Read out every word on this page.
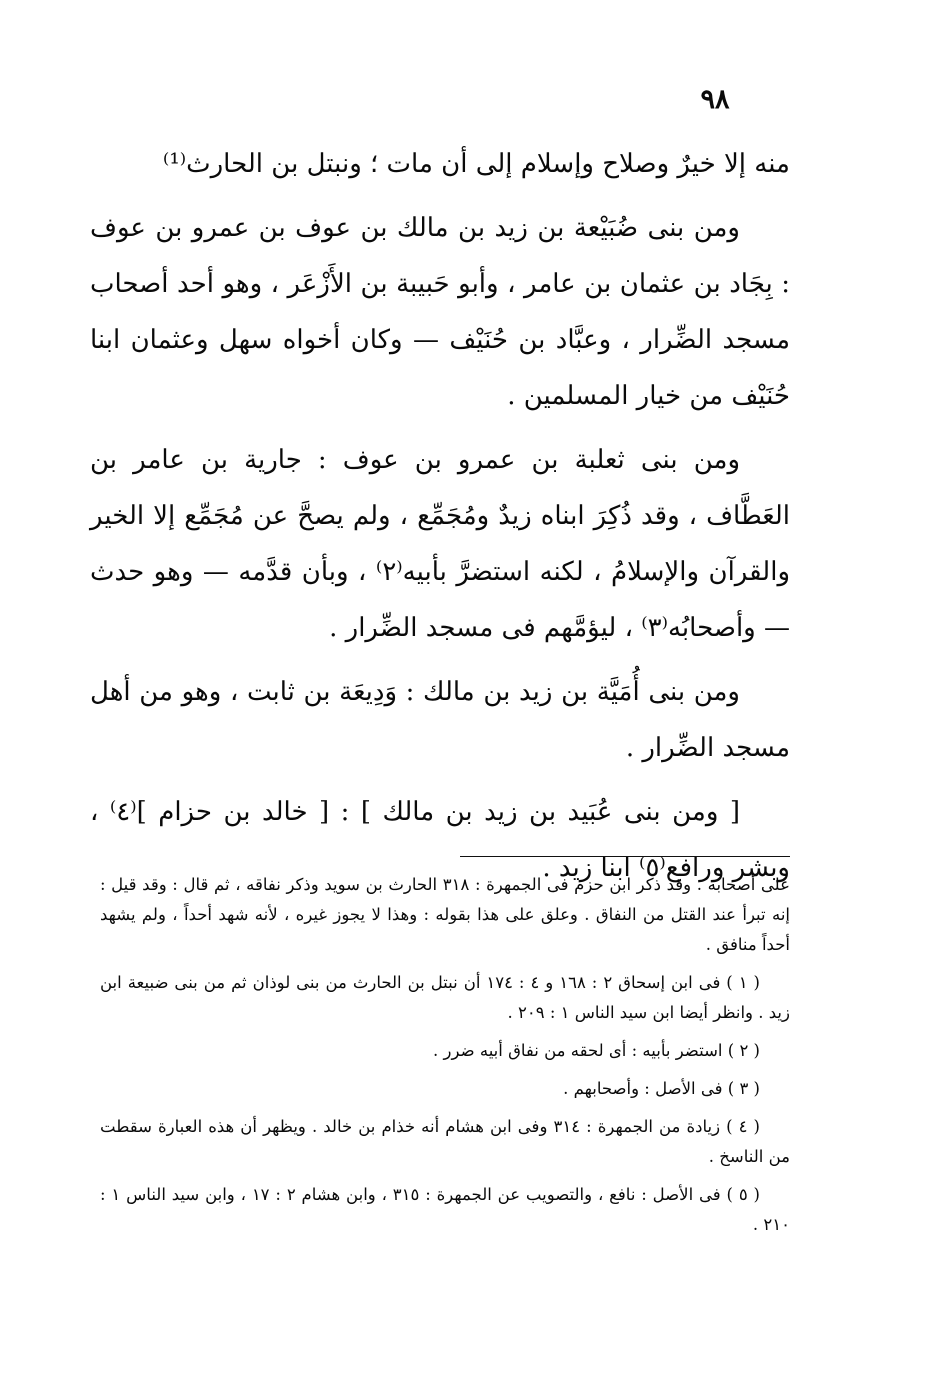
٩٨

منه إلا خيرٌ وصلاح وإسلام إلى أن مات ؛ ونبتل بن الحارث⁽¹⁾

ومن بنى ضُبَيْعة بن زيد بن مالك بن عوف بن عمرو بن عوف : بِجَاد بن عثمان بن عامر ، وأبو حَبيبة بن الأَزْعَر ، وهو أحد أصحاب مسجد الضِّرار ، وعبَّاد بن حُنَيْف — وكان أخواه سهل وعثمان ابنا حُنَيْف من خيار المسلمين .

ومن بنى ثعلبة بن عمرو بن عوف : جارية بن عامر بن العَطَّاف ، وقد ذُكِرَ ابناه زيدٌ ومُجَمِّع ، ولم يصحَّ عن مُجَمِّع إلا الخير والقرآن والإسلامُ ، لكنه استضرَّ بأبيه⁽٢⁾ ، وبأن قدَّمه — وهو حدث — وأصحابُه⁽٣⁾ ، ليؤمَّهم فى مسجد الضِّرار .

ومن بنى أُمَيَّة بن زيد بن مالك : وَدِيعَة بن ثابت ، وهو من أهل مسجد الضِّرار .

[ ومن بنى عُبَيد بن زيد بن مالك ] : [ خالد بن حزام ]⁽٤⁾ ، وبشر ورافع⁽٥⁾ ابنا زيد .

على أصحابه . وقد ذكر ابن حزم فى الجمهرة : ٣١٨ الحارث بن سويد وذكر نفاقه ، ثم قال : وقد قيل : إنه تبرأ عند القتل من النفاق . وعلق على هذا بقوله : وهذا لا يجوز غيره ، لأنه شهد أحداً ، ولم يشهد أحداً منافق .

( ١ ) فى ابن إسحاق ٢ : ١٦٨ و ٤ : ١٧٤ أن نبتل بن الحارث من بنى لوذان ثم من بنى ضبيعة ابن زيد . وانظر أيضا ابن سيد الناس ١ : ٢٠٩ .

( ٢ ) استضر بأبيه : أى لحقه من نفاق أبيه ضرر .

( ٣ ) فى الأصل : وأصحابهم .

( ٤ ) زيادة من الجمهرة : ٣١٤ وفى ابن هشام أنه خذام بن خالد . ويظهر أن هذه العبارة سقطت من الناسخ .

( ٥ ) فى الأصل : نافع ، والتصويب عن الجمهرة : ٣١٥ ، وابن هشام ٢ : ١٧ ، وابن سيد الناس ١ : ٢١٠ .
